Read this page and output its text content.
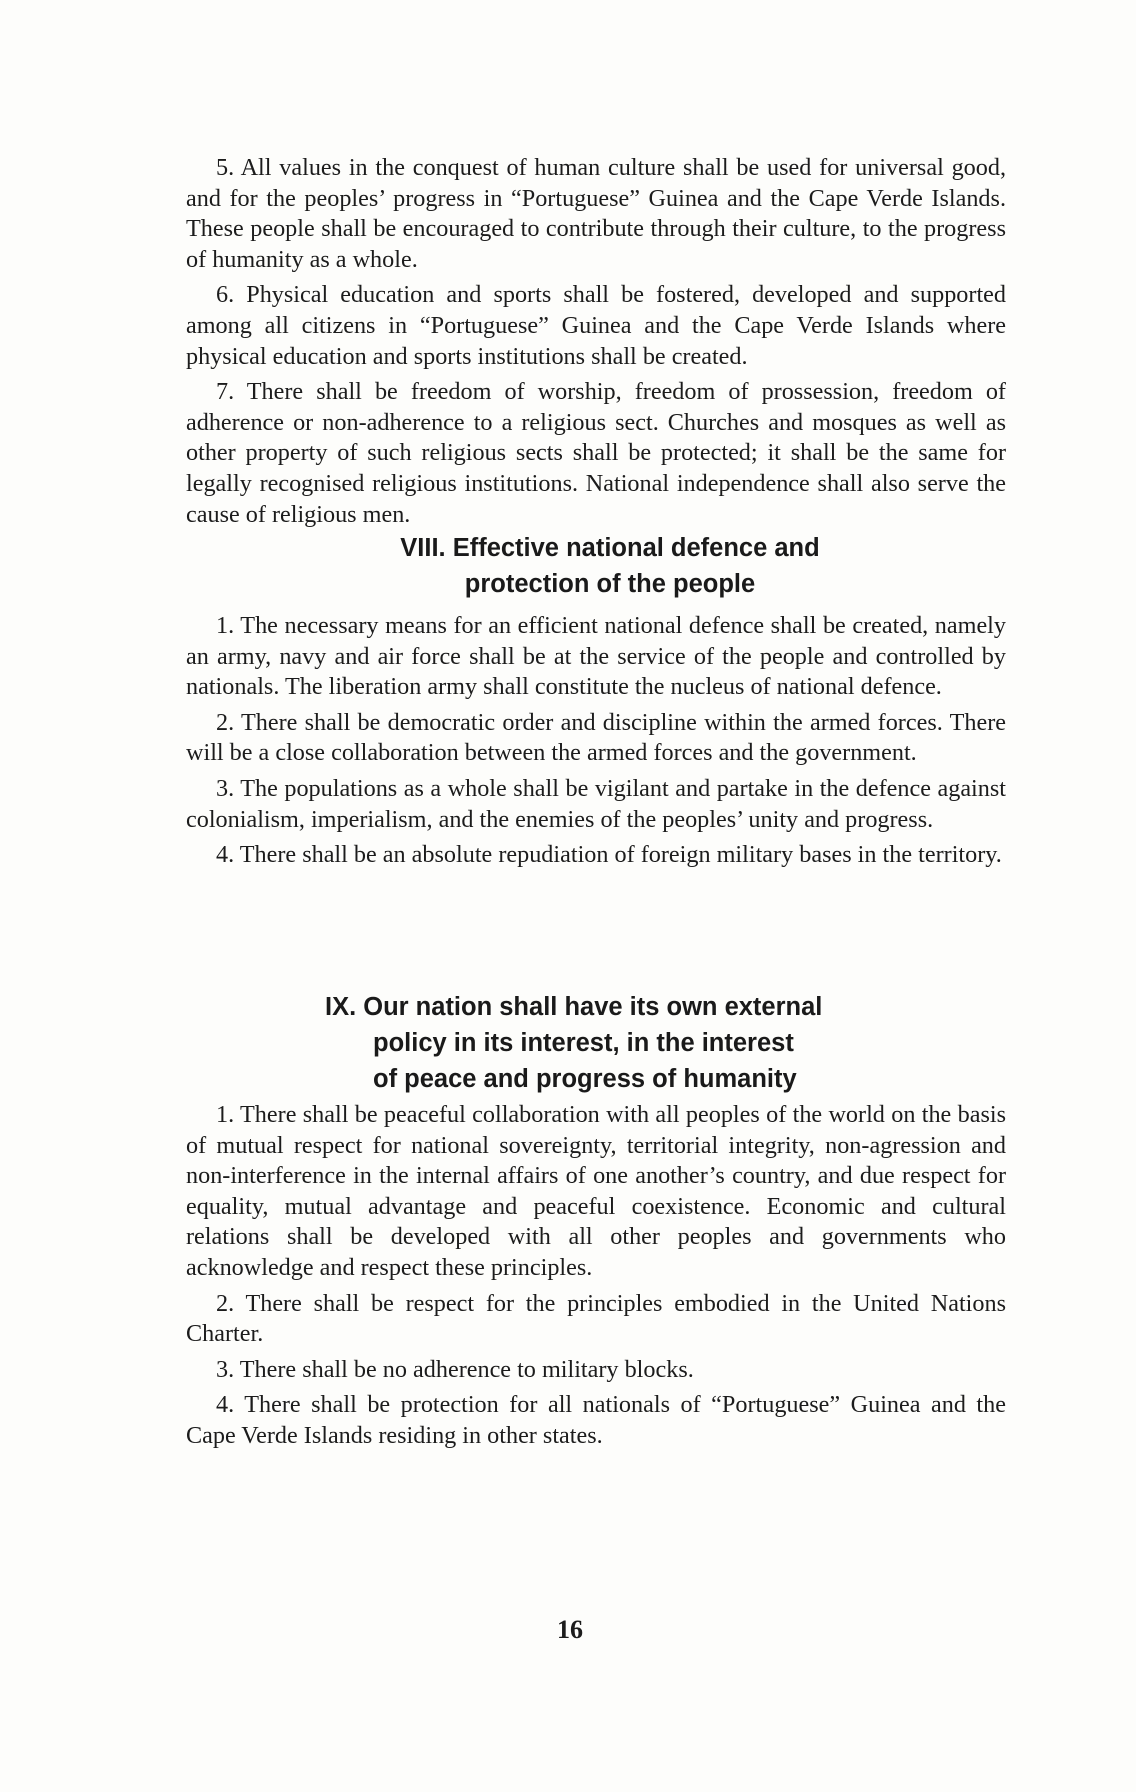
5. All values in the conquest of human culture shall be used for universal good, and for the peoples’ progress in “Portuguese” Guinea and the Cape Verde Islands. These people shall be encouraged to contribute through their culture, to the progress of humanity as a whole.

6. Physical education and sports shall be fostered, developed and supported among all citizens in “Portuguese” Guinea and the Cape Verde Islands where physical education and sports institutions shall be created.

7. There shall be freedom of worship, freedom of prossession, freedom of adherence or non-adherence to a religious sect. Churches and mosques as well as other property of such religious sects shall be protected; it shall be the same for legally recognised religious institutions. National independence shall also serve the cause of religious men.

VIII. Effective national defence and
protection of the people

1. The necessary means for an efficient national defence shall be created, namely an army, navy and air force shall be at the service of the people and controlled by nationals. The liberation army shall constitute the nucleus of national defence.

2. There shall be democratic order and discipline within the armed forces. There will be a close collaboration between the armed forces and the government.

3. The populations as a whole shall be vigilant and partake in the defence against colonialism, imperialism, and the enemies of the peoples’ unity and progress.

4. There shall be an absolute repudiation of foreign military bases in the territory.

IX. Our nation shall have its own external
policy in its interest, in the interest
of peace and progress of humanity

1. There shall be peaceful collaboration with all peoples of the world on the basis of mutual respect for national sovereignty, territorial integrity, non-agression and non-interference in the internal affairs of one another’s country, and due respect for equality, mutual advantage and peaceful coexistence. Economic and cultural relations shall be developed with all other peoples and governments who acknowledge and respect these principles.

2. There shall be respect for the principles embodied in the United Nations Charter.

3. There shall be no adherence to military blocks.

4. There shall be protection for all nationals of “Portuguese” Guinea and the Cape Verde Islands residing in other states.

16
